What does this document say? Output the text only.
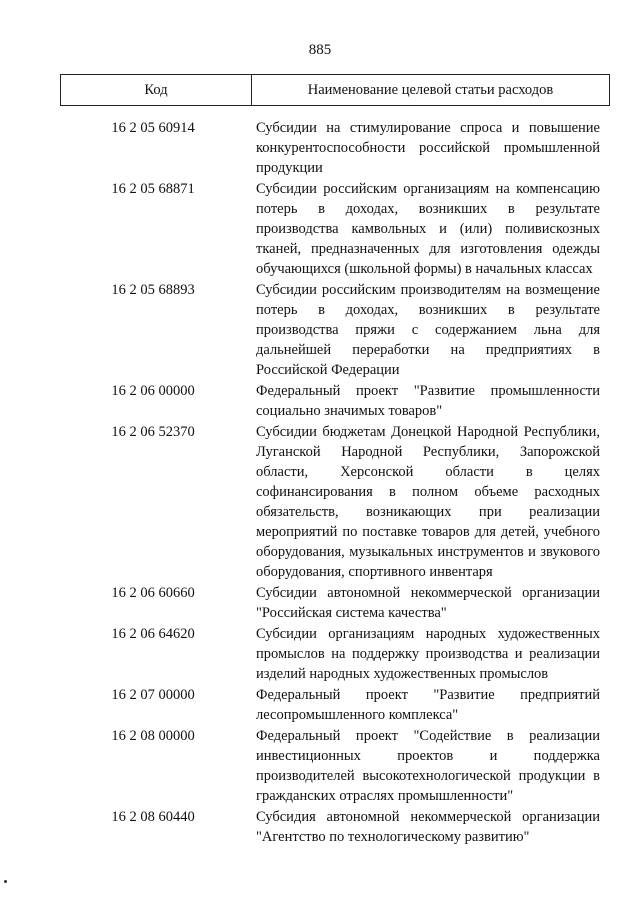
885
Код	Наименование целевой статьи расходов
16 2 05 60914	Субсидии на стимулирование спроса и повышение конкурентоспособности российской промышленной продукции
16 2 05 68871	Субсидии российским организациям на компенсацию потерь в доходах, возникших в результате производства камвольных и (или) поливискозных тканей, предназначенных для изготовления одежды обучающихся (школьной формы) в начальных классах
16 2 05 68893	Субсидии российским производителям на возмещение потерь в доходах, возникших в результате производства пряжи с содержанием льна для дальнейшей переработки на предприятиях в Российской Федерации
16 2 06 00000	Федеральный проект "Развитие промышленности социально значимых товаров"
16 2 06 52370	Субсидии бюджетам Донецкой Народной Республики, Луганской Народной Республики, Запорожской области, Херсонской области в целях софинансирования в полном объеме расходных обязательств, возникающих при реализации мероприятий по поставке товаров для детей, учебного оборудования, музыкальных инструментов и звукового оборудования, спортивного инвентаря
16 2 06 60660	Субсидии автономной некоммерческой организации "Российская система качества"
16 2 06 64620	Субсидии организациям народных художественных промыслов на поддержку производства и реализации изделий народных художественных промыслов
16 2 07 00000	Федеральный проект "Развитие предприятий лесопромышленного комплекса"
16 2 08 00000	Федеральный проект "Содействие в реализации инвестиционных проектов и поддержка производителей высокотехнологической продукции в гражданских отраслях промышленности"
16 2 08 60440	Субсидия автономной некоммерческой организации "Агентство по технологическому развитию"
